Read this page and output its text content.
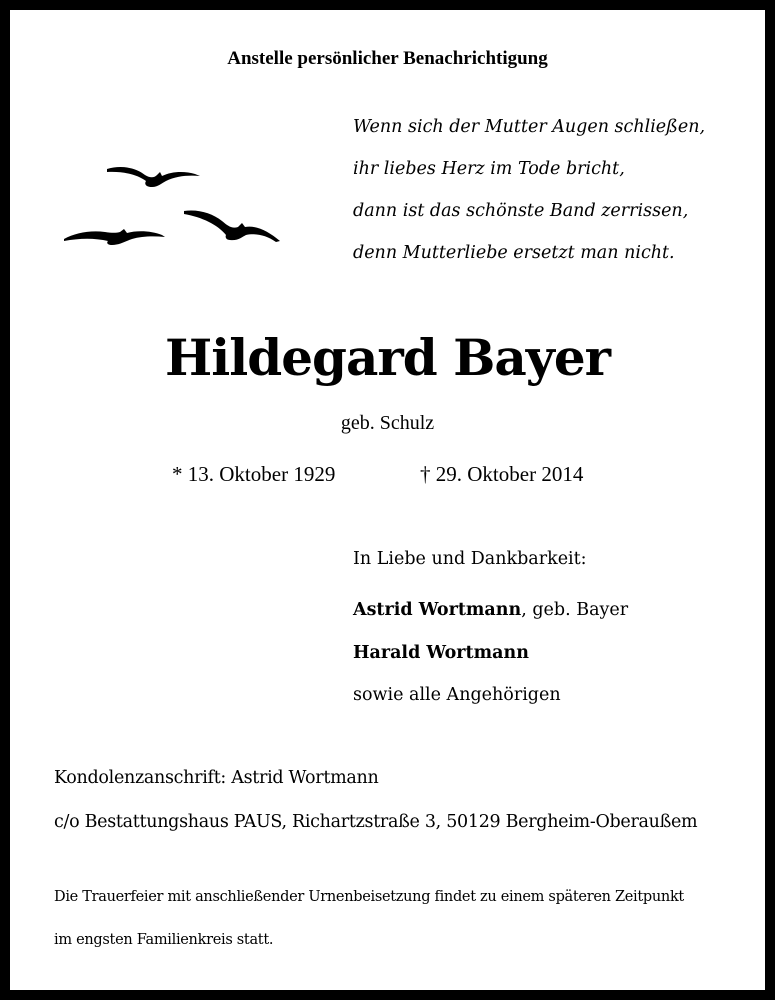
Anstelle persönlicher Benachrichtigung
Wenn sich der Mutter Augen schließen,
ihr liebes Herz im Tode bricht,
dann ist das schönste Band zerrissen,
denn Mutterliebe ersetzt man nicht.
Hildegard Bayer
geb. Schulz
* 13. Oktober 1929	† 29. Oktober 2014
In Liebe und Dankbarkeit:
Astrid Wortmann, geb. Bayer
Harald Wortmann
sowie alle Angehörigen
Kondolenzanschrift: Astrid Wortmann
c/o Bestattungshaus PAUS, Richartzstraße 3, 50129 Bergheim-Oberaußem
Die Trauerfeier mit anschließender Urnenbeisetzung findet zu einem späteren Zeitpunkt
im engsten Familienkreis statt.
